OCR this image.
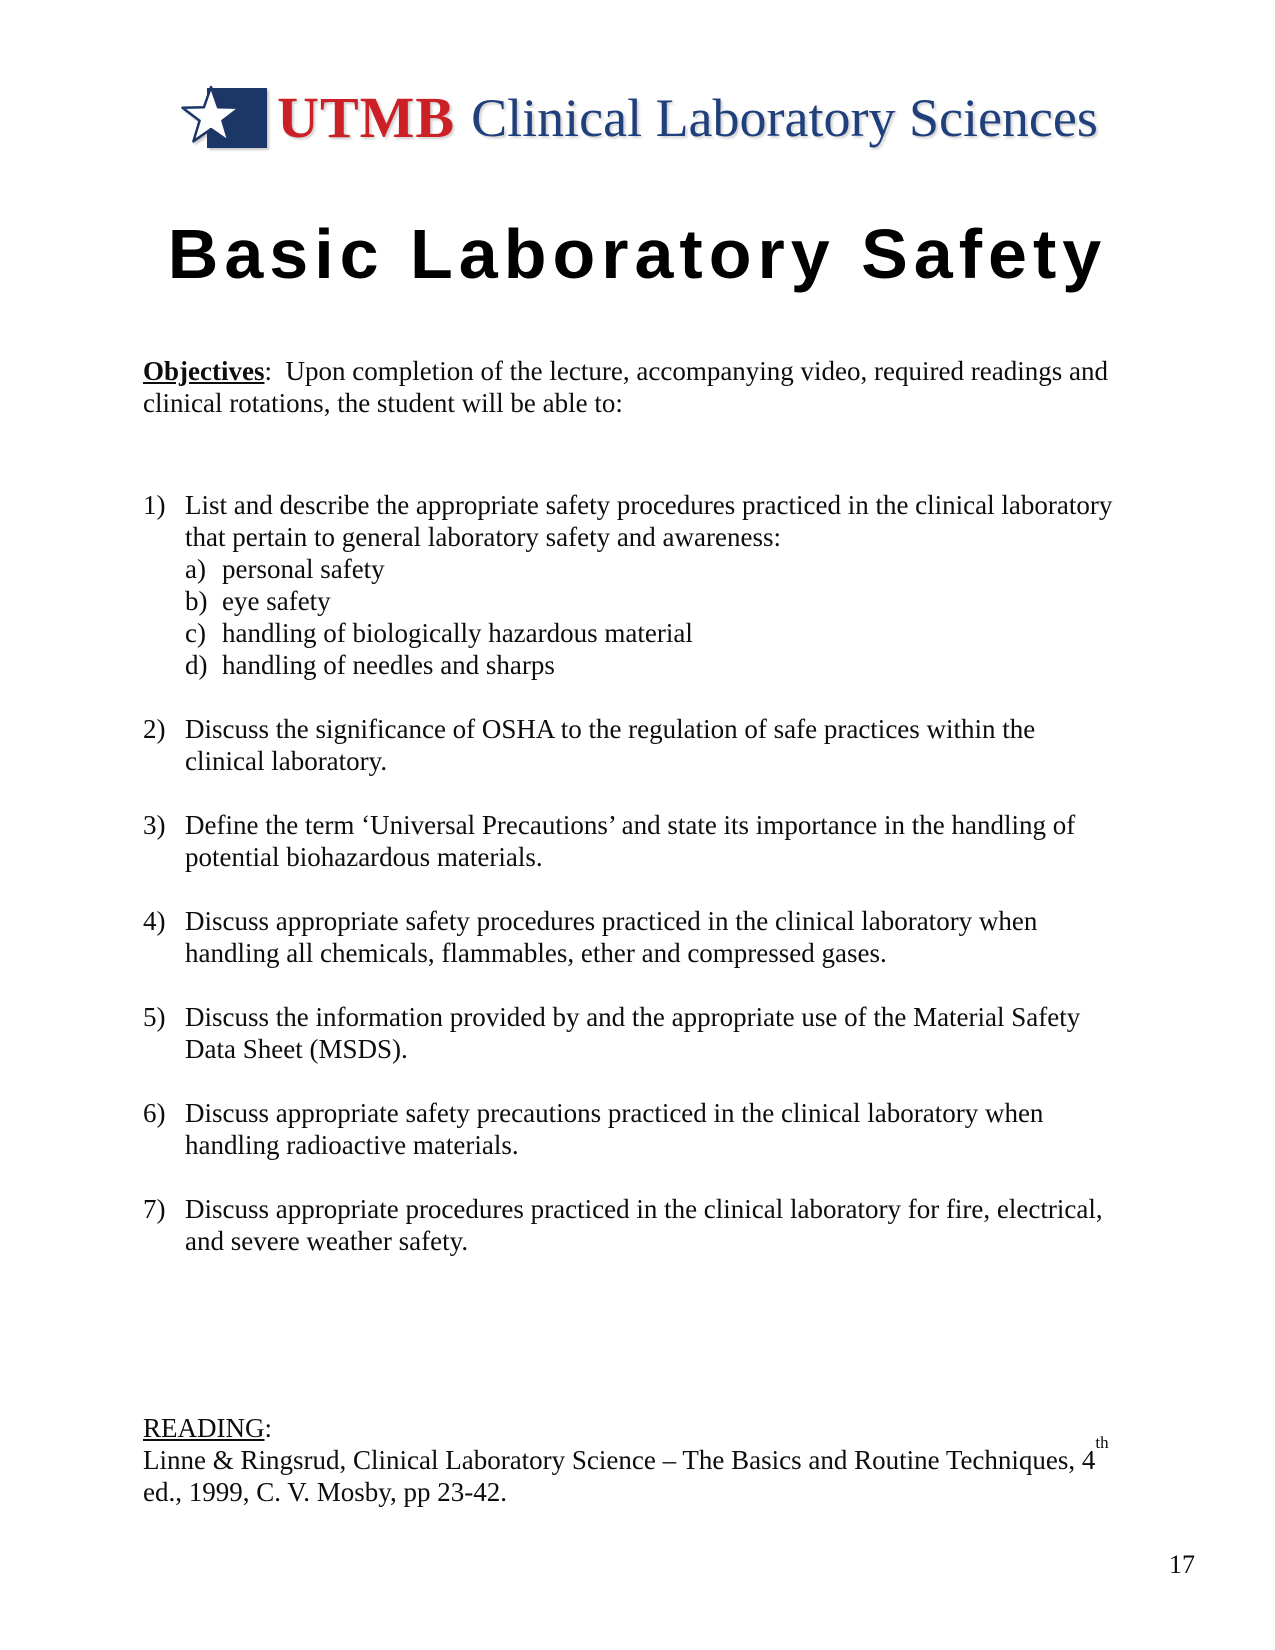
UTMB Clinical Laboratory Sciences
Basic Laboratory Safety

Objectives:  Upon completion of the lecture, accompanying video, required readings and clinical rotations, the student will be able to:

1) List and describe the appropriate safety procedures practiced in the clinical laboratory that pertain to general laboratory safety and awareness:
a) personal safety
b) eye safety
c) handling of biologically hazardous material
d) handling of needles and sharps
2) Discuss the significance of OSHA to the regulation of safe practices within the clinical laboratory.
3) Define the term ‘Universal Precautions’ and state its importance in the handling of potential biohazardous materials.
4) Discuss appropriate safety procedures practiced in the clinical laboratory when handling all chemicals, flammables, ether and compressed gases.
5) Discuss the information provided by and the appropriate use of the Material Safety Data Sheet (MSDS).
6) Discuss appropriate safety precautions practiced in the clinical laboratory when handling radioactive materials.
7) Discuss appropriate procedures practiced in the clinical laboratory for fire, electrical, and severe weather safety.
READING:
Linne & Ringsrud, Clinical Laboratory Science – The Basics and Routine Techniques, 4th
ed., 1999, C. V. Mosby, pp 23-42.
17
